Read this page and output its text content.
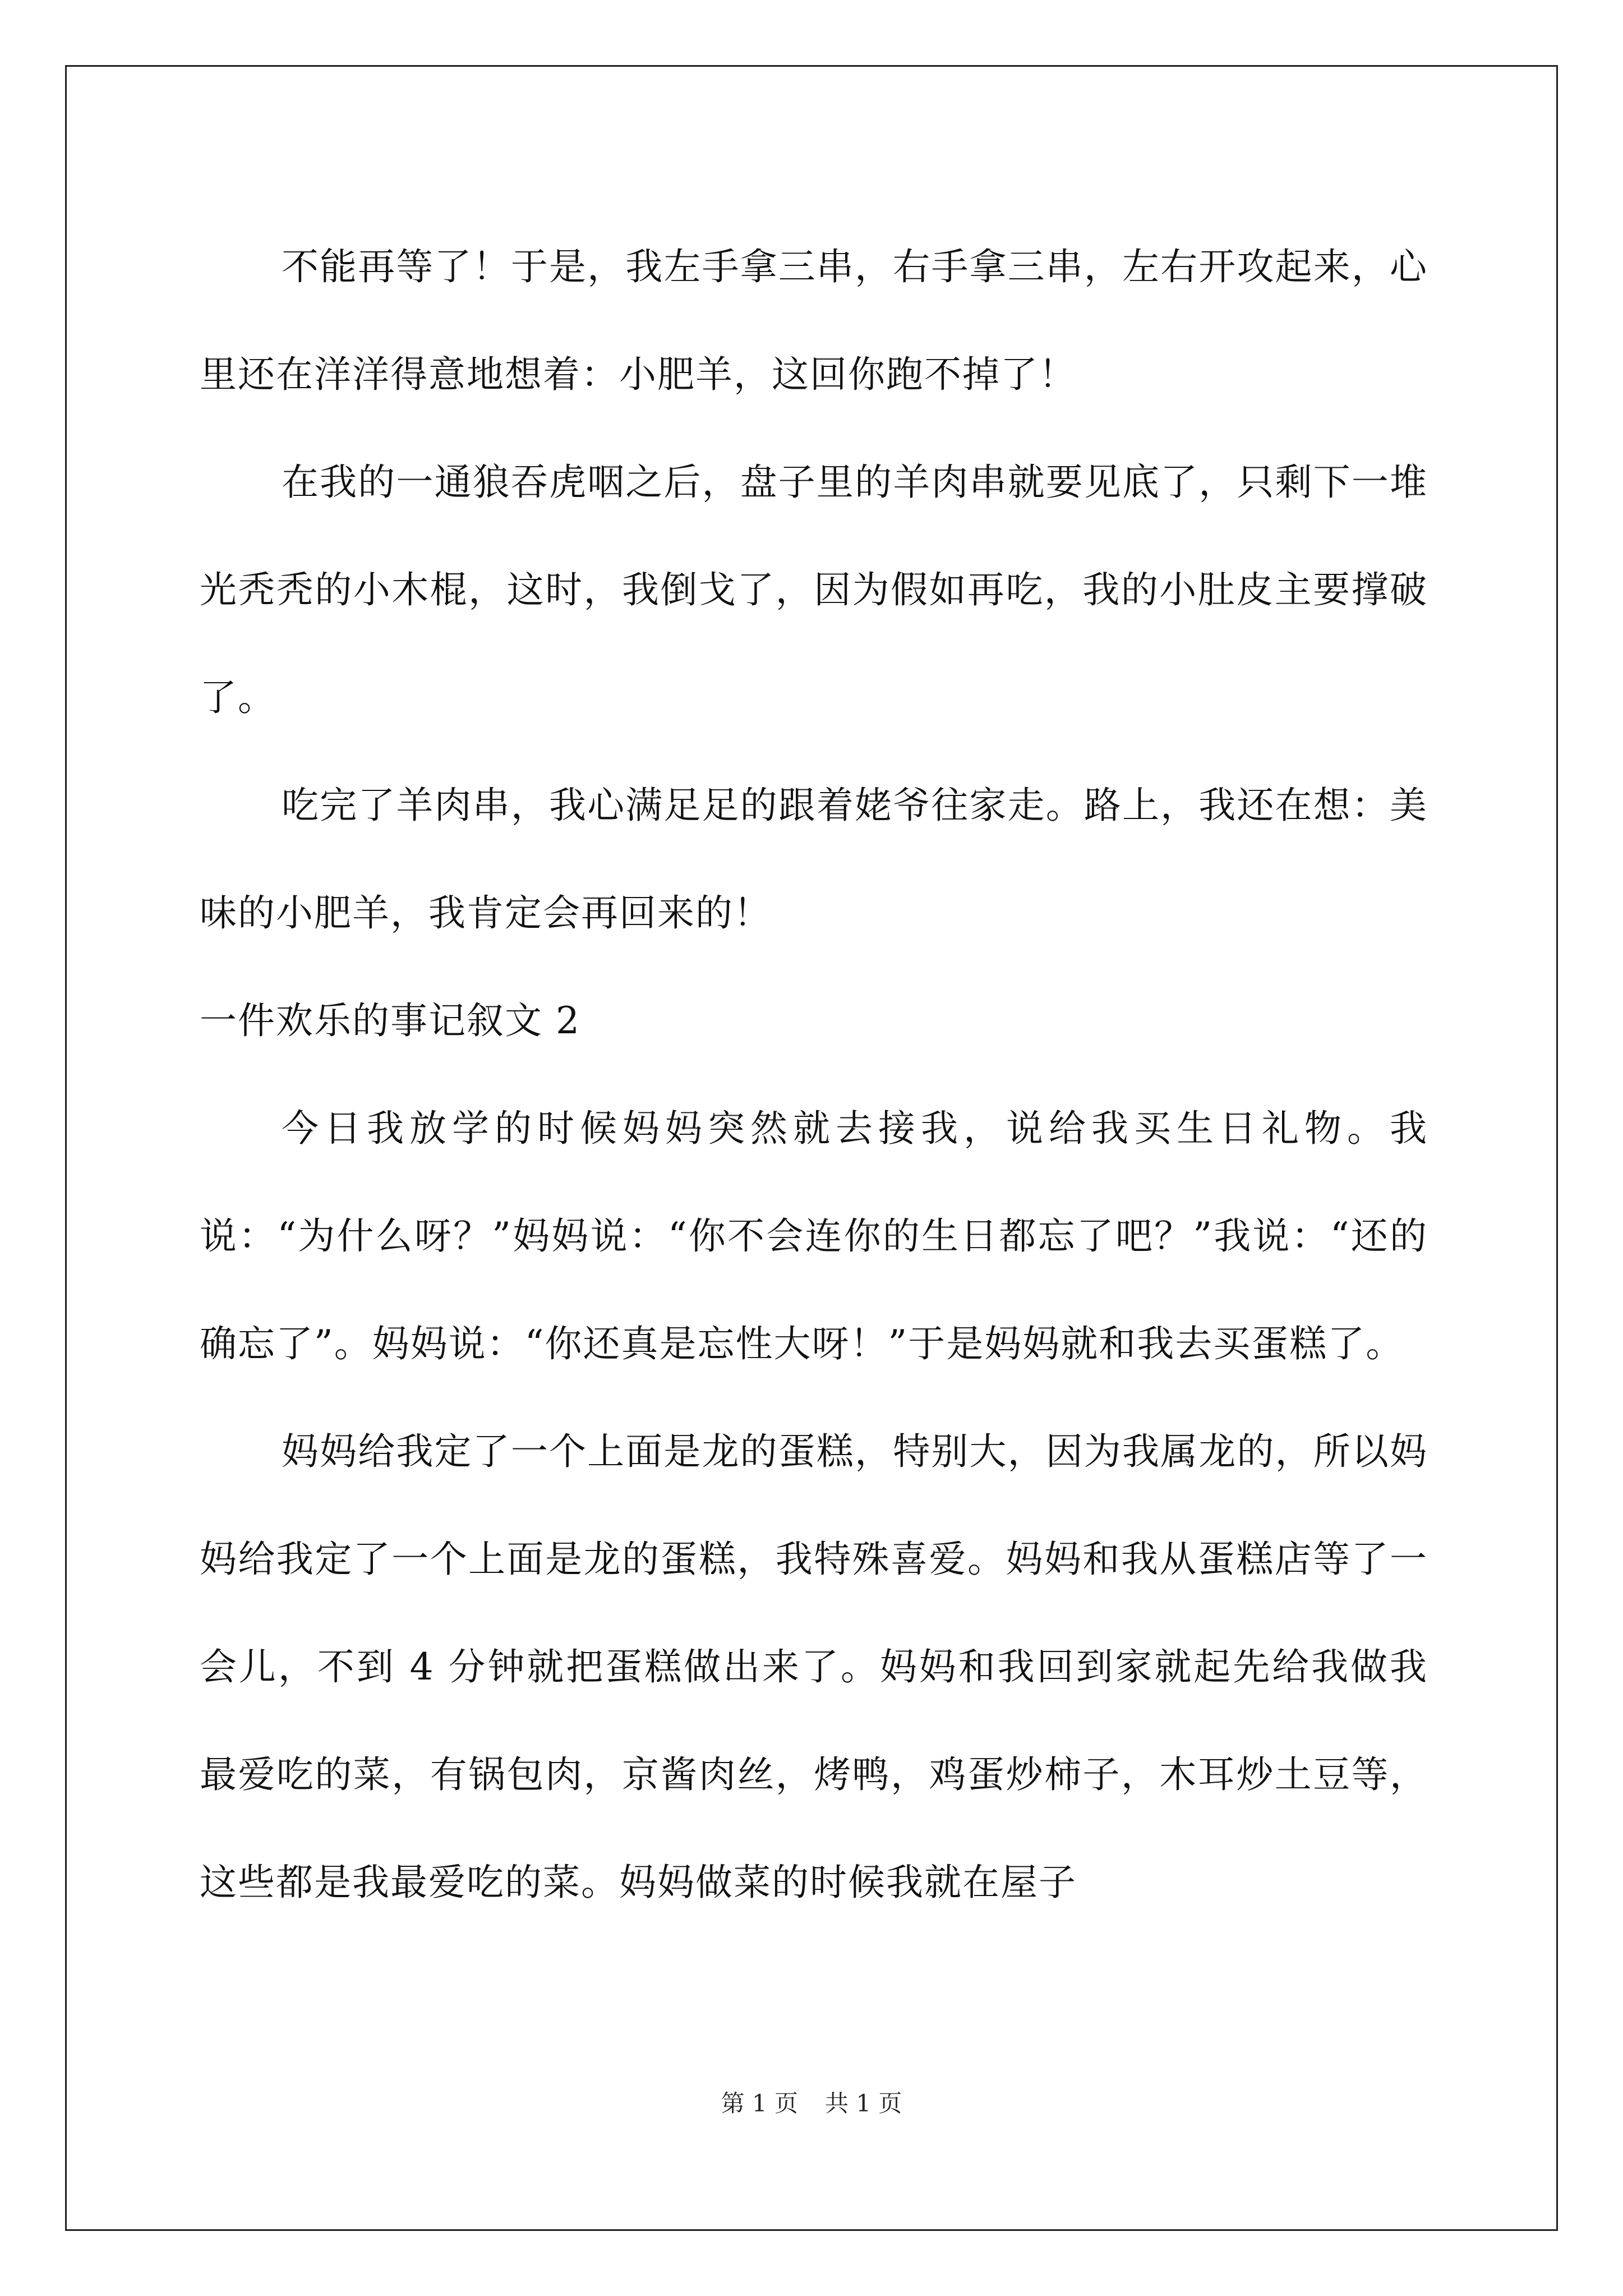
不能再等了！于是，我左手拿三串，右手拿三串，左右开攻起来，心里还在洋洋得意地想着：小肥羊，这回你跑不掉了！

在我的一通狼吞虎咽之后，盘子里的羊肉串就要见底了，只剩下一堆光秃秃的小木棍，这时，我倒戈了，因为假如再吃，我的小肚皮主要撑破了。

吃完了羊肉串，我心满足足的跟着姥爷往家走。路上，我还在想：美味的小肥羊，我肯定会再回来的！

一件欢乐的事记叙文 2

今日我放学的时候妈妈突然就去接我，说给我买生日礼物。我说：“为什么呀？”妈妈说：“你不会连你的生日都忘了吧？”我说：“还的确忘了”。妈妈说：“你还真是忘性大呀！”于是妈妈就和我去买蛋糕了。

妈妈给我定了一个上面是龙的蛋糕，特别大，因为我属龙的，所以妈妈给我定了一个上面是龙的蛋糕，我特殊喜爱。妈妈和我从蛋糕店等了一会儿，不到 4 分钟就把蛋糕做出来了。妈妈和我回到家就起先给我做我最爱吃的菜，有锅包肉，京酱肉丝，烤鸭，鸡蛋炒柿子，木耳炒土豆等，这些都是我最爱吃的菜。妈妈做菜的时候我就在屋子

第 1 页 共 1 页
